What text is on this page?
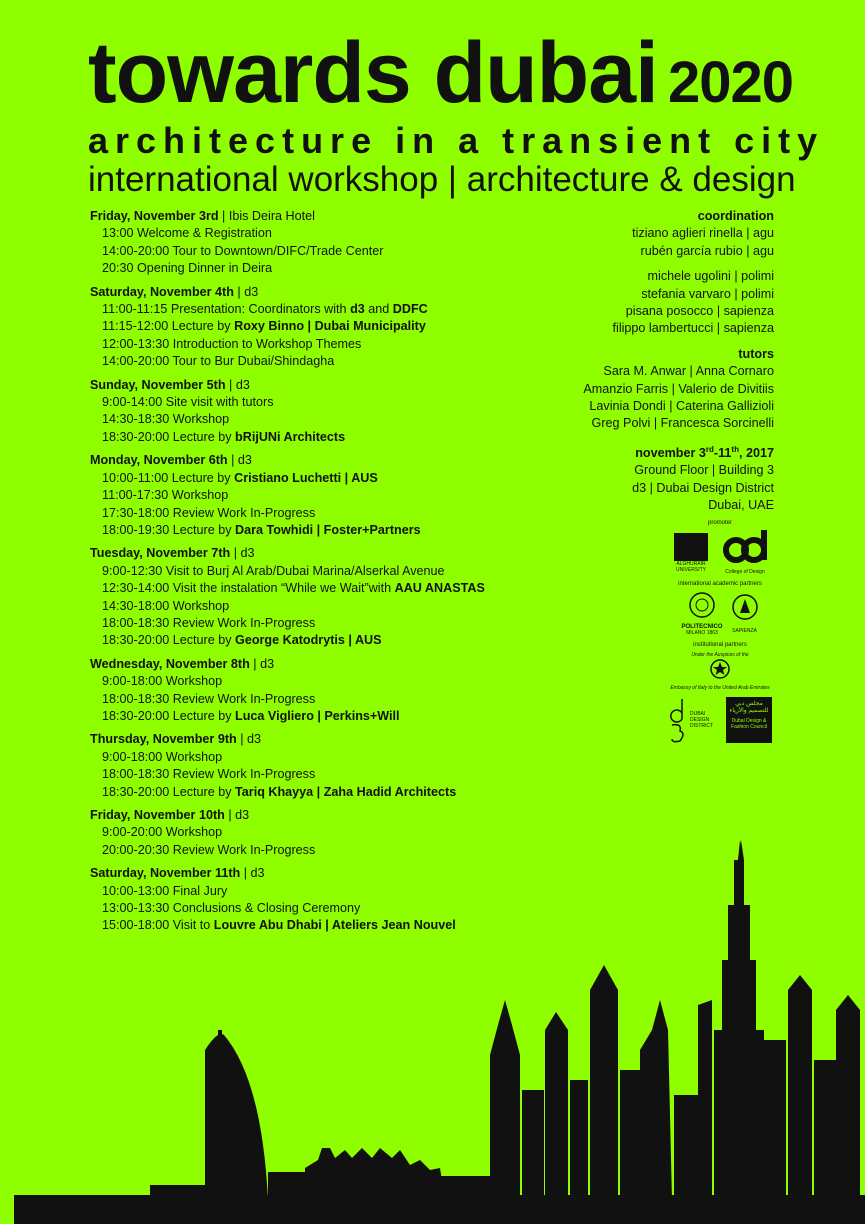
towards dubai 2020
architecture in a transient city
international workshop | architecture & design
Friday, November 3rd | Ibis Deira Hotel
13:00 Welcome & Registration
14:00-20:00 Tour to Downtown/DIFC/Trade Center
20:30 Opening Dinner in Deira
Saturday, November 4th | d3
11:00-11:15 Presentation: Coordinators with d3 and DDFC
11:15-12:00 Lecture by Roxy Binno | Dubai Municipality
12:00-13:30 Introduction to Workshop Themes
14:00-20:00 Tour to Bur Dubai/Shindagha
Sunday, November 5th | d3
9:00-14:00 Site visit with tutors
14:30-18:30 Workshop
18:30-20:00 Lecture by bRijUNi Architects
Monday, November 6th | d3
10:00-11:00 Lecture by Cristiano Luchetti | AUS
11:00-17:30 Workshop
17:30-18:00 Review Work In-Progress
18:00-19:30 Lecture by Dara Towhidi | Foster+Partners
Tuesday, November 7th | d3
9:00-12:30 Visit to Burj Al Arab/Dubai Marina/Alserkal Avenue
12:30-14:00 Visit the instalation “While we Wait”with AAU ANASTAS
14:30-18:00 Workshop
18:00-18:30 Review Work In-Progress
18:30-20:00 Lecture by George Katodrytis | AUS
Wednesday, November 8th | d3
9:00-18:00 Workshop
18:00-18:30 Review Work In-Progress
18:30-20:00 Lecture by Luca Vigliero | Perkins+Will
Thursday, November 9th | d3
9:00-18:00 Workshop
18:00-18:30 Review Work In-Progress
18:30-20:00 Lecture by Tariq Khayya | Zaha Hadid Architects
Friday, November 10th | d3
9:00-20:00 Workshop
20:00-20:30 Review Work In-Progress
Saturday, November 11th | d3
10:00-13:00 Final Jury
13:00-13:30 Conclusions & Closing Ceremony
15:00-18:00 Visit to Louvre Abu Dhabi | Ateliers Jean Nouvel
coordination
tiziano aglieri rinella | agu
rubén garcía rubio | agu
michele ugolini | polimi
stefania varvaro | polimi
pisana posocco | sapienza
filippo lambertucci | sapienza
tutors
Sara M. Anwar | Anna Cornaro
Amanzio Farris | Valerio de Divitiis
Lavinia Dondi | Caterina Gallizioli
Greg Polvi | Francesca Sorcinelli
november 3rd-11th, 2017
Ground Floor | Building 3
d3 | Dubai Design District
Dubai, UAE
promoter
ALGHURAIR UNIVERSITY	College of Design
international academic partners
POLITECNICO
MILANO 1863	SAPIENZA
institutional partners
Under the Auspices of the
Embassy of Italy to the United Arab Emirates
DUBAI DESIGN DISTRICT
مجلس دبي للتصميم والأزياء
Dubai Design & Fashion Council
